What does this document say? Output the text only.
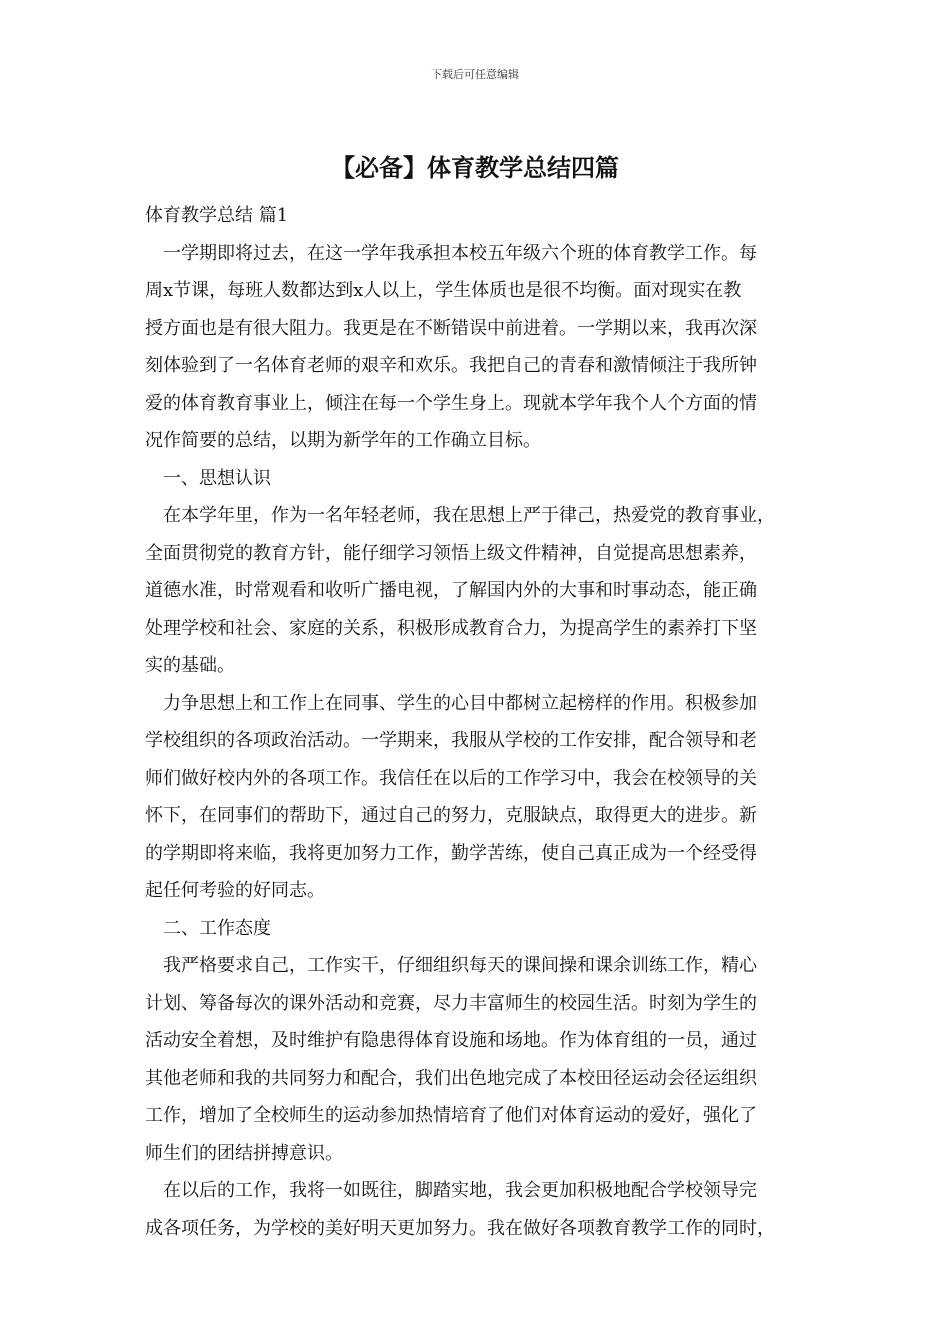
下载后可任意编辑
【必备】体育教学总结四篇

体育教学总结 篇1

　一学期即将过去，在这一学年我承担本校五年级六个班的体育教学工作。每
周x节课，每班人数都达到x人以上，学生体质也是很不均衡。面对现实在教
授方面也是有很大阻力。我更是在不断错误中前进着。一学期以来，我再次深
刻体验到了一名体育老师的艰辛和欢乐。我把自己的青春和激情倾注于我所钟
爱的体育教育事业上，倾注在每一个学生身上。现就本学年我个人个方面的情
况作简要的总结，以期为新学年的工作确立目标。

　一、思想认识

　在本学年里，作为一名年轻老师，我在思想上严于律己，热爱党的教育事业，
全面贯彻党的教育方针，能仔细学习领悟上级文件精神，自觉提高思想素养，
道德水准，时常观看和收听广播电视，了解国内外的大事和时事动态，能正确
处理学校和社会、家庭的关系，积极形成教育合力，为提高学生的素养打下坚
实的基础。

　力争思想上和工作上在同事、学生的心目中都树立起榜样的作用。积极参加
学校组织的各项政治活动。一学期来，我服从学校的工作安排，配合领导和老
师们做好校内外的各项工作。我信任在以后的工作学习中，我会在校领导的关
怀下，在同事们的帮助下，通过自己的努力，克服缺点，取得更大的进步。新
的学期即将来临，我将更加努力工作，勤学苦练，使自己真正成为一个经受得
起任何考验的好同志。

　二、工作态度

　我严格要求自己，工作实干，仔细组织每天的课间操和课余训练工作，精心
计划、筹备每次的课外活动和竞赛，尽力丰富师生的校园生活。时刻为学生的
活动安全着想，及时维护有隐患得体育设施和场地。作为体育组的一员，通过
其他老师和我的共同努力和配合，我们出色地完成了本校田径运动会径运组织
工作，增加了全校师生的运动参加热情培育了他们对体育运动的爱好，强化了
师生们的团结拼搏意识。

　在以后的工作，我将一如既往，脚踏实地，我会更加积极地配合学校领导完
成各项任务，为学校的美好明天更加努力。我在做好各项教育教学工作的同时，
